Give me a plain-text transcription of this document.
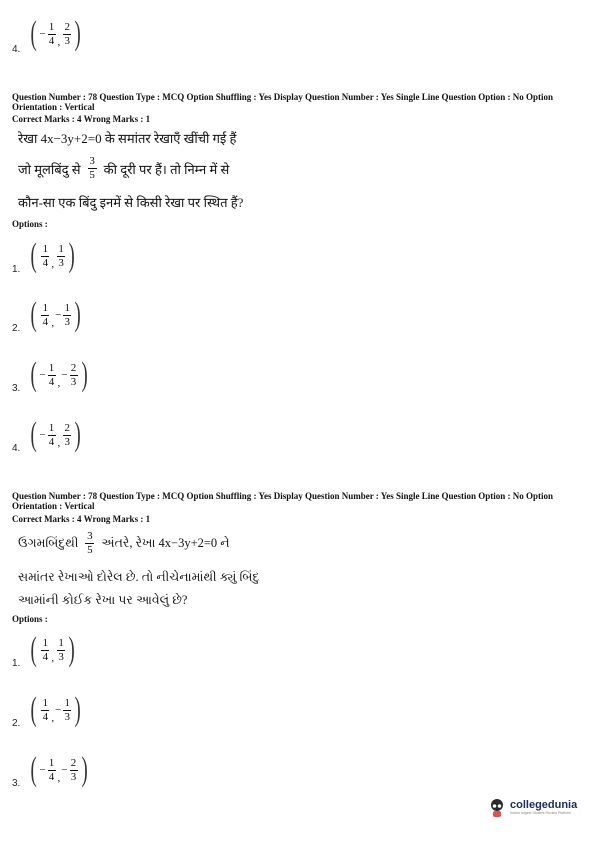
( −
1
4 ,
2
3 )
4.
Question Number : 78 Question Type : MCQ Option Shuffling : Yes Display Question Number : Yes Single Line Question Option : No Option Orientation : Vertical
Correct Marks : 4 Wrong Marks : 1
रेखा 4x−3y+2=0 के समांतर रेखाएँ खींची गई हैं
जो मूलबिंदु से $\frac{3}{5}$ की दूरी पर हैं। तो निम्न में से
कौन-सा एक बिंदु इनमें से किसी रेखा पर स्थित हैं?
Options :
( 1
4 ,
1
3 )
1.
( 1
4 ,
−
1
3 )
2.
( −
1
4 ,
−
2
3 )
3.
( −
1
4 ,
2
3 )
4.
Question Number : 78 Question Type : MCQ Option Shuffling : Yes Display Question Number : Yes Single Line Question Option : No Option Orientation : Vertical
Correct Marks : 4 Wrong Marks : 1
ઉગમબિંદુથી $\frac{3}{5}$ અંતરે, રેખા 4x−3y+2=0 ને
સમાંતર રેખાઓ દોરેલ છે. તો નીચેનામાંથી ક્યું બિંદુ
આમાંની કોઈક રેખા પર આવેલું છે?
Options :
( 1
4 ,
1
3 )
1.
( 1
4 ,
−
1
3 )
2.
( −
1
4 ,
−
2
3 )
3.
collegedunia
India's largest Student Review Platform
